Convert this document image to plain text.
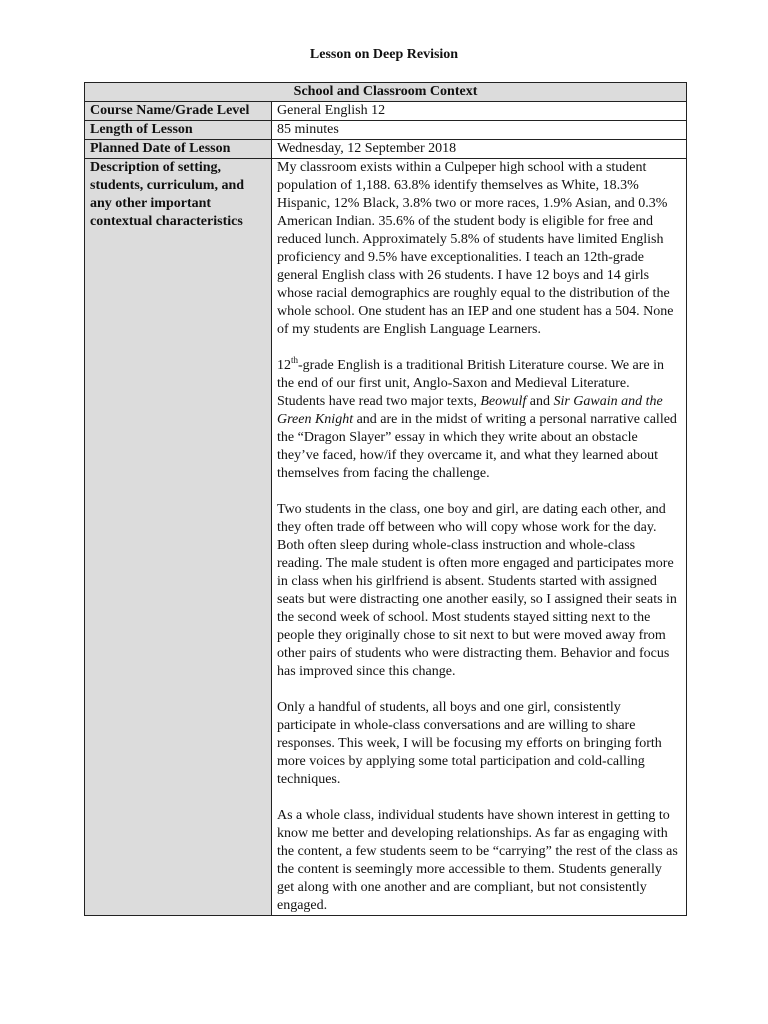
Lesson on Deep Revision
School and Classroom Context	
Course Name/Grade Level	General English 12
Length of Lesson	85 minutes
Planned Date of Lesson	Wednesday, 12 September 2018
Description of setting, students, curriculum, and any other important contextual characteristics	My classroom exists within a Culpeper high school with a student population of 1,188. 63.8% identify themselves as White, 18.3% Hispanic, 12% Black, 3.8% two or more races, 1.9% Asian, and 0.3% American Indian. 35.6% of the student body is eligible for free and reduced lunch. Approximately 5.8% of students have limited English proficiency and 9.5% have exceptionalities. I teach an 12th-grade general English class with 26 students. I have 12 boys and 14 girls whose racial demographics are roughly equal to the distribution of the whole school. One student has an IEP and one student has a 504. None of my students are English Language Learners.

12th-grade English is a traditional British Literature course. We are in the end of our first unit, Anglo-Saxon and Medieval Literature. Students have read two major texts, Beowulf and Sir Gawain and the Green Knight and are in the midst of writing a personal narrative called the “Dragon Slayer” essay in which they write about an obstacle they’ve faced, how/if they overcame it, and what they learned about themselves from facing the challenge.

Two students in the class, one boy and girl, are dating each other, and they often trade off between who will copy whose work for the day. Both often sleep during whole-class instruction and whole-class reading. The male student is often more engaged and participates more in class when his girlfriend is absent. Students started with assigned seats but were distracting one another easily, so I assigned their seats in the second week of school. Most students stayed sitting next to the people they originally chose to sit next to but were moved away from other pairs of students who were distracting them. Behavior and focus has improved since this change.

Only a handful of students, all boys and one girl, consistently participate in whole-class conversations and are willing to share responses. This week, I will be focusing my efforts on bringing forth more voices by applying some total participation and cold-calling techniques.

As a whole class, individual students have shown interest in getting to know me better and developing relationships. As far as engaging with the content, a few students seem to be “carrying” the rest of the class as the content is seemingly more accessible to them. Students generally get along with one another and are compliant, but not consistently engaged.
